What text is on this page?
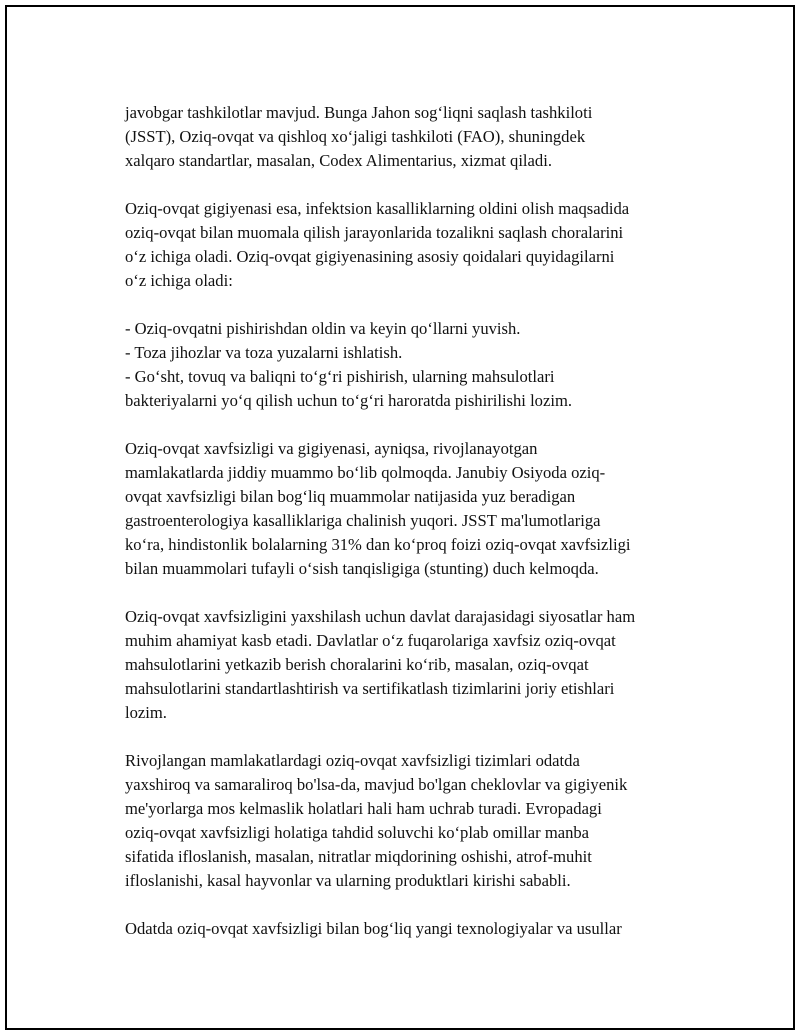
javobgar tashkilotlar mavjud. Bunga Jahon sog‘liqni saqlash tashkiloti
(JSST), Oziq-ovqat va qishloq xo‘jaligi tashkiloti (FAO), shuningdek
xalqaro standartlar, masalan, Codex Alimentarius, xizmat qiladi.

Oziq-ovqat gigiyenasi esa, infektsion kasalliklarning oldini olish maqsadida
oziq-ovqat bilan muomala qilish jarayonlarida tozalikni saqlash choralarini
o‘z ichiga oladi. Oziq-ovqat gigiyenasining asosiy qoidalari quyidagilarni
o‘z ichiga oladi:

- Oziq-ovqatni pishirishdan oldin va keyin qo‘llarni yuvish.
- Toza jihozlar va toza yuzalarni ishlatish.
- Go‘sht, tovuq va baliqni to‘g‘ri pishirish, ularning mahsulotlari
bakteriyalarni yo‘q qilish uchun to‘g‘ri haroratda pishirilishi lozim.

Oziq-ovqat xavfsizligi va gigiyenasi, ayniqsa, rivojlanayotgan
mamlakatlarda jiddiy muammo bo‘lib qolmoqda. Janubiy Osiyoda oziq-
ovqat xavfsizligi bilan bog‘liq muammolar natijasida yuz beradigan
gastroenterologiya kasalliklariga chalinish yuqori. JSST ma'lumotlariga
ko‘ra, hindistonlik bolalarning 31% dan ko‘proq foizi oziq-ovqat xavfsizligi
bilan muammolari tufayli o‘sish tanqisligiga (stunting) duch kelmoqda.

Oziq-ovqat xavfsizligini yaxshilash uchun davlat darajasidagi siyosatlar ham
muhim ahamiyat kasb etadi. Davlatlar o‘z fuqarolariga xavfsiz oziq-ovqat
mahsulotlarini yetkazib berish choralarini ko‘rib, masalan, oziq-ovqat
mahsulotlarini standartlashtirish va sertifikatlash tizimlarini joriy etishlari
lozim.

Rivojlangan mamlakatlardagi oziq-ovqat xavfsizligi tizimlari odatda
yaxshiroq va samaraliroq bo'lsa-da, mavjud bo'lgan cheklovlar va gigiyenik
me'yorlarga mos kelmaslik holatlari hali ham uchrab turadi. Evropadagi
oziq-ovqat xavfsizligi holatiga tahdid soluvchi ko‘plab omillar manba
sifatida ifloslanish, masalan, nitratlar miqdorining oshishi, atrof-muhit
ifloslanishi, kasal hayvonlar va ularning produktlari kirishi sababli.

Odatda oziq-ovqat xavfsizligi bilan bog‘liq yangi texnologiyalar va usullar
